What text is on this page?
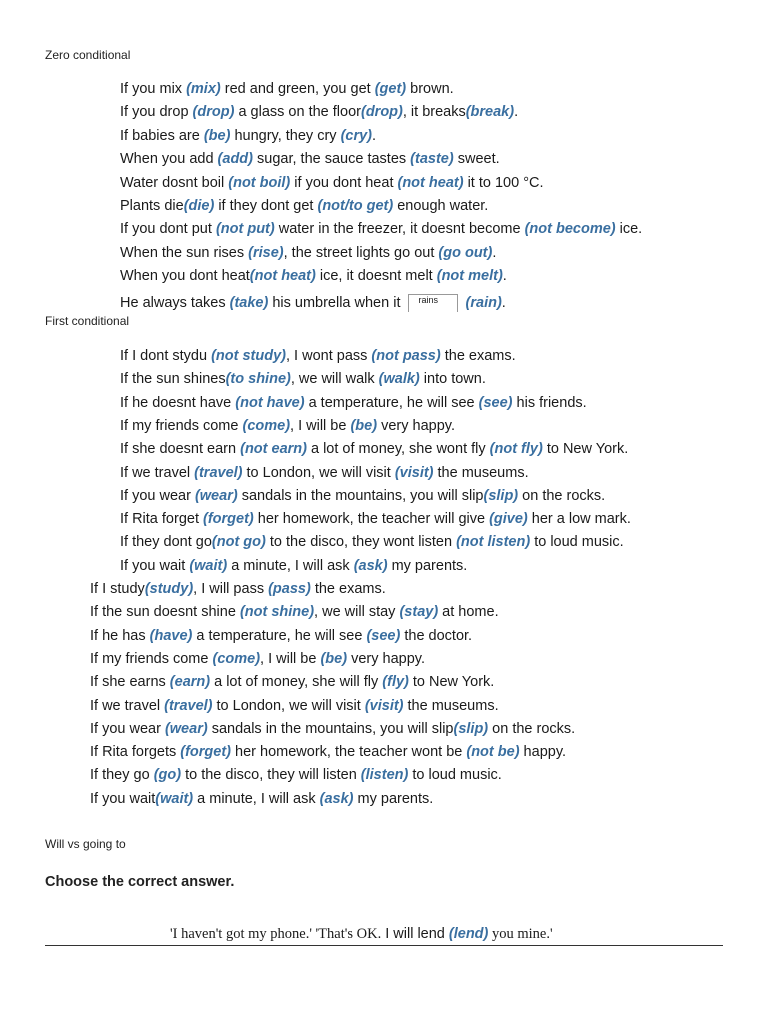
Zero conditional
If you mix (mix) red and green, you get (get) brown.
If you drop (drop) a glass on the floor(drop), it breaks(break).
If babies are (be) hungry, they cry (cry).
When you add (add) sugar, the sauce tastes (taste) sweet.
Water dosnt boil (not boil) if you dont heat (not heat) it to 100 °C.
Plants die(die) if they dont get (not/to get) enough water.
If you dont put (not put) water in the freezer, it doesnt become (not become) ice.
When the sun rises (rise), the street lights go out (go out).
When you dont heat(not heat) ice, it doesnt melt (not melt).
He always takes (take) his umbrella when it rains (rain).
First conditional
If I dont stydu (not study), I wont pass (not pass) the exams.
If the sun shines(to shine), we will walk (walk) into town.
If he doesnt have (not have) a temperature, he will see (see) his friends.
If my friends come (come), I will be (be) very happy.
If she doesnt earn (not earn) a lot of money, she wont fly (not fly) to New York.
If we travel (travel) to London, we will visit (visit) the museums.
If you wear (wear) sandals in the mountains, you will slip(slip) on the rocks.
If Rita forget (forget) her homework, the teacher will give (give) her a low mark.
If they dont go(not go) to the disco, they wont listen (not listen) to loud music.
If you wait (wait) a minute, I will ask (ask) my parents.
If I study(study), I will pass (pass) the exams.
If the sun doesnt shine (not shine), we will stay (stay) at home.
If he has (have) a temperature, he will see (see) the doctor.
If my friends come (come), I will be (be) very happy.
If she earns (earn) a lot of money, she will fly (fly) to New York.
If we travel (travel) to London, we will visit (visit) the museums.
If you wear (wear) sandals in the mountains, you will slip(slip) on the rocks.
If Rita forgets (forget) her homework, the teacher wont be (not be) happy.
If they go (go) to the disco, they will listen (listen) to loud music.
If you wait(wait) a minute, I will ask (ask) my parents.
Will vs going to
Choose the correct answer.
'I haven't got my phone.' 'That's OK. I will lend (lend) you mine.'
